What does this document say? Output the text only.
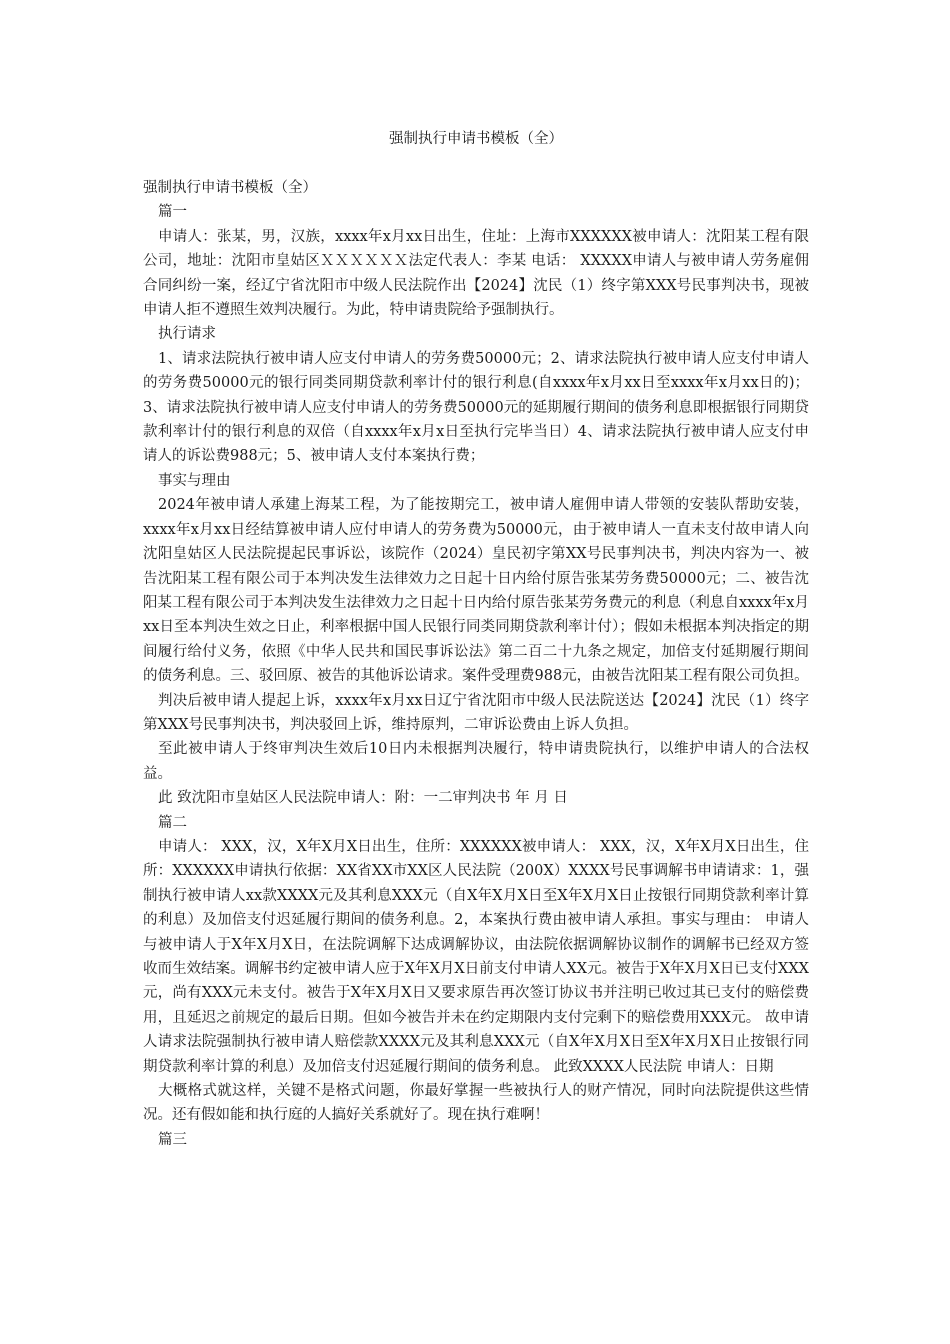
强制执行申请书模板（全）

强制执行申请书模板（全）

篇一

申请人：张某，男，汉族，xxxx年x月xx日出生，住址：上海市XXXXXX被申请人：沈阳某工程有限公司，地址：沈阳市皇姑区ＸＸＸＸＸＸ法定代表人：李某 电话： XXXXX申请人与被申请人劳务雇佣合同纠纷一案，经辽宁省沈阳市中级人民法院作出【2024】沈民（1）终字第XXX号民事判决书，现被申请人拒不遵照生效判决履行。为此，特申请贵院给予强制执行。

执行请求

1、请求法院执行被申请人应支付申请人的劳务费50000元；2、请求法院执行被申请人应支付申请人的劳务费50000元的银行同类同期贷款利率计付的银行利息(自xxxx年x月xx日至xxxx年x月xx日的)；3、请求法院执行被申请人应支付申请人的劳务费50000元的延期履行期间的债务利息即根据银行同期贷款利率计付的银行利息的双倍（自xxxx年x月x日至执行完毕当日）4、请求法院执行被申请人应支付申请人的诉讼费988元；5、被申请人支付本案执行费；

事实与理由

2024年被申请人承建上海某工程，为了能按期完工，被申请人雇佣申请人带领的安装队帮助安装，xxxx年x月xx日经结算被申请人应付申请人的劳务费为50000元，由于被申请人一直未支付故申请人向沈阳皇姑区人民法院提起民事诉讼，该院作（2024）皇民初字第XX号民事判决书，判决内容为一、被告沈阳某工程有限公司于本判决发生法律效力之日起十日内给付原告张某劳务费50000元；二、被告沈阳某工程有限公司于本判决发生法律效力之日起十日内给付原告张某劳务费元的利息（利息自xxxx年x月xx日至本判决生效之日止，利率根据中国人民银行同类同期贷款利率计付）；假如未根据本判决指定的期间履行给付义务，依照《中华人民共和国民事诉讼法》第二百二十九条之规定，加倍支付延期履行期间的债务利息。三、驳回原、被告的其他诉讼请求。案件受理费988元，由被告沈阳某工程有限公司负担。

判决后被申请人提起上诉，xxxx年x月xx日辽宁省沈阳市中级人民法院送达【2024】沈民（1）终字第XXX号民事判决书，判决驳回上诉，维持原判，二审诉讼费由上诉人负担。

至此被申请人于终审判决生效后10日内未根据判决履行，特申请贵院执行，以维护申请人的合法权益。

此 致沈阳市皇姑区人民法院申请人：附：一二审判决书 年 月 日

篇二

申请人： XXX，汉，X年X月X日出生，住所：XXXXXX被申请人： XXX，汉，X年X月X日出生，住所：XXXXXX申请执行依据：XX省XX市XX区人民法院（200X）XXXX号民事调解书申请请求：1，强制执行被申请人xx款XXXX元及其利息XXX元（自X年X月X日至X年X月X日止按银行同期贷款利率计算的利息）及加倍支付迟延履行期间的债务利息。2，本案执行费由被申请人承担。事实与理由： 申请人与被申请人于X年X月X日，在法院调解下达成调解协议，由法院依据调解协议制作的调解书已经双方签收而生效结案。调解书约定被申请人应于X年X月X日前支付申请人XX元。被告于X年X月X日已支付XXX元，尚有XXX元未支付。被告于X年X月X日又要求原告再次签订协议书并注明已收过其已支付的赔偿费用，且延迟之前规定的最后日期。但如今被告并未在约定期限内支付完剩下的赔偿费用XXX元。 故申请人请求法院强制执行被申请人赔偿款XXXX元及其利息XXX元（自X年X月X日至X年X月X日止按银行同期贷款利率计算的利息）及加倍支付迟延履行期间的债务利息。 此致XXXX人民法院 申请人：日期

大概格式就这样，关键不是格式问题，你最好掌握一些被执行人的财产情况，同时向法院提供这些情况。还有假如能和执行庭的人搞好关系就好了。现在执行难啊！

篇三
